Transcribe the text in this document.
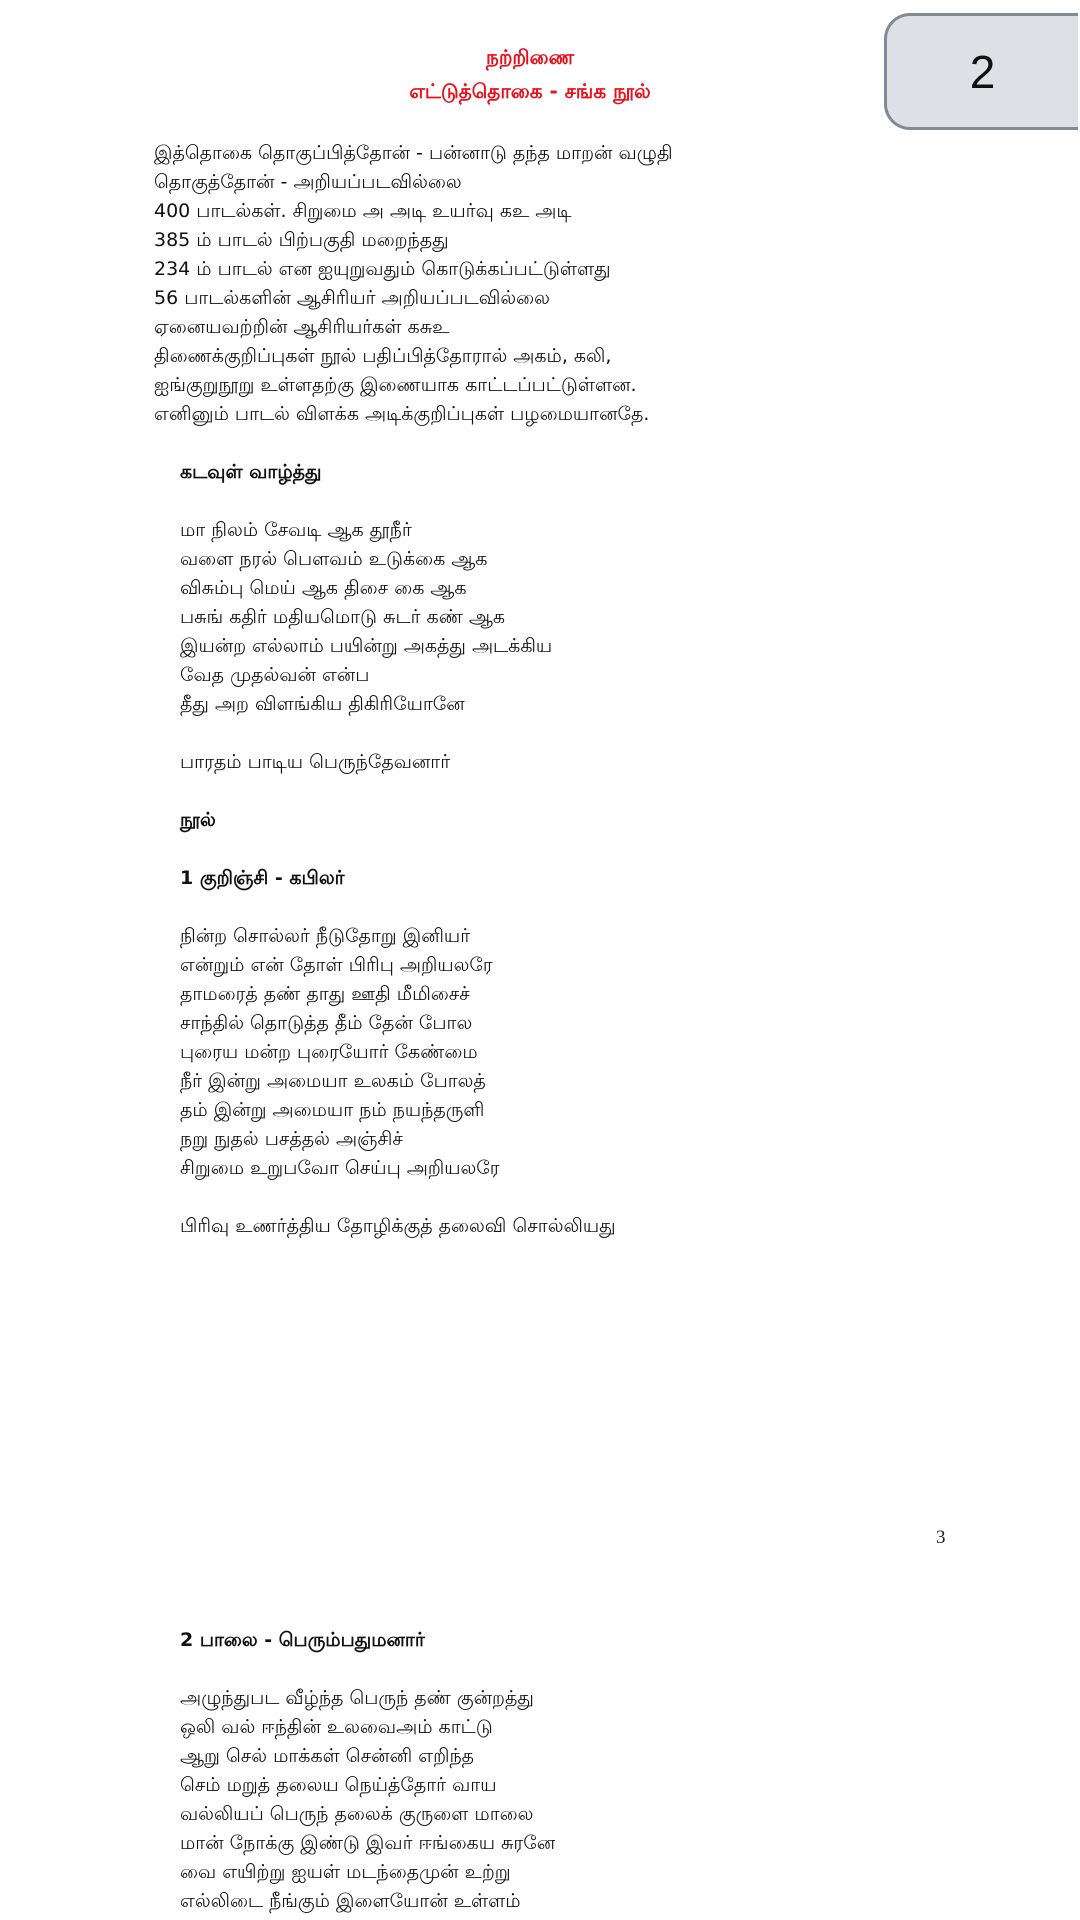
2
நற்றிணை
எட்டுத்தொகை - சங்க நூல்
இத்தொகை தொகுப்பித்தோன் - பன்னாடு தந்த மாறன் வழுதி
தொகுத்தோன் - அறியப்படவில்லை
400 பாடல்கள். சிறுமை அ அடி உயர்வு கஉ அடி
385 ம் பாடல் பிற்பகுதி மறைந்தது
234 ம் பாடல் என ஐயுறுவதும் கொடுக்கப்பட்டுள்ளது
56 பாடல்களின் ஆசிரியர் அறியப்படவில்லை
ஏனையவற்றின் ஆசிரியர்கள் கசுஉ
திணைக்குறிப்புகள் நூல் பதிப்பித்தோரால் அகம், கலி,
ஐங்குறுநூறு உள்ளதற்கு இணையாக காட்டப்பட்டுள்ளன.
எனினும் பாடல் விளக்க அடிக்குறிப்புகள் பழமையானதே.
கடவுள் வாழ்த்து
மா நிலம் சேவடி ஆக தூநீர்
வளை நரல் பெளவம் உடுக்கை ஆக
விசும்பு மெய் ஆக திசை கை ஆக
பசுங் கதிர் மதியமொடு சுடர் கண் ஆக
இயன்ற எல்லாம் பயின்று அகத்து அடக்கிய
வேத முதல்வன் என்ப
தீது அற விளங்கிய திகிரியோனே
பாரதம் பாடிய பெருந்தேவனார்
நூல்
1 குறிஞ்சி - கபிலர்
நின்ற சொல்லர் நீடுதோறு இனியர்
என்றும் என் தோள் பிரிபு அறியலரே
தாமரைத் தண் தாது ஊதி மீமிசைச்
சாந்தில் தொடுத்த தீம் தேன் போல
புரைய மன்ற புரையோர் கேண்மை
நீர் இன்று அமையா உலகம் போலத்
தம் இன்று அமையா நம் நயந்தருளி
நறு நுதல் பசத்தல் அஞ்சிச்
சிறுமை உறுபவோ செய்பு அறியலரே
பிரிவு உணர்த்திய தோழிக்குத் தலைவி சொல்லியது
3
2 பாலை - பெரும்பதுமனார்
அழுந்துபட வீழ்ந்த பெருந் தண் குன்றத்து
ஒலி வல் ஈந்தின் உலவைஅம் காட்டு
ஆறு செல் மாக்கள் சென்னி எறிந்த
செம் மறுத் தலைய நெய்த்தோர் வாய
வல்லியப் பெருந் தலைக் குருளை மாலை
மான் நோக்கு இண்டு இவர் ஈங்கைய சுரனே
வை எயிற்று ஐயள் மடந்தைமுன் உற்று
எல்லிடை நீங்கும் இளையோன் உள்ளம்
